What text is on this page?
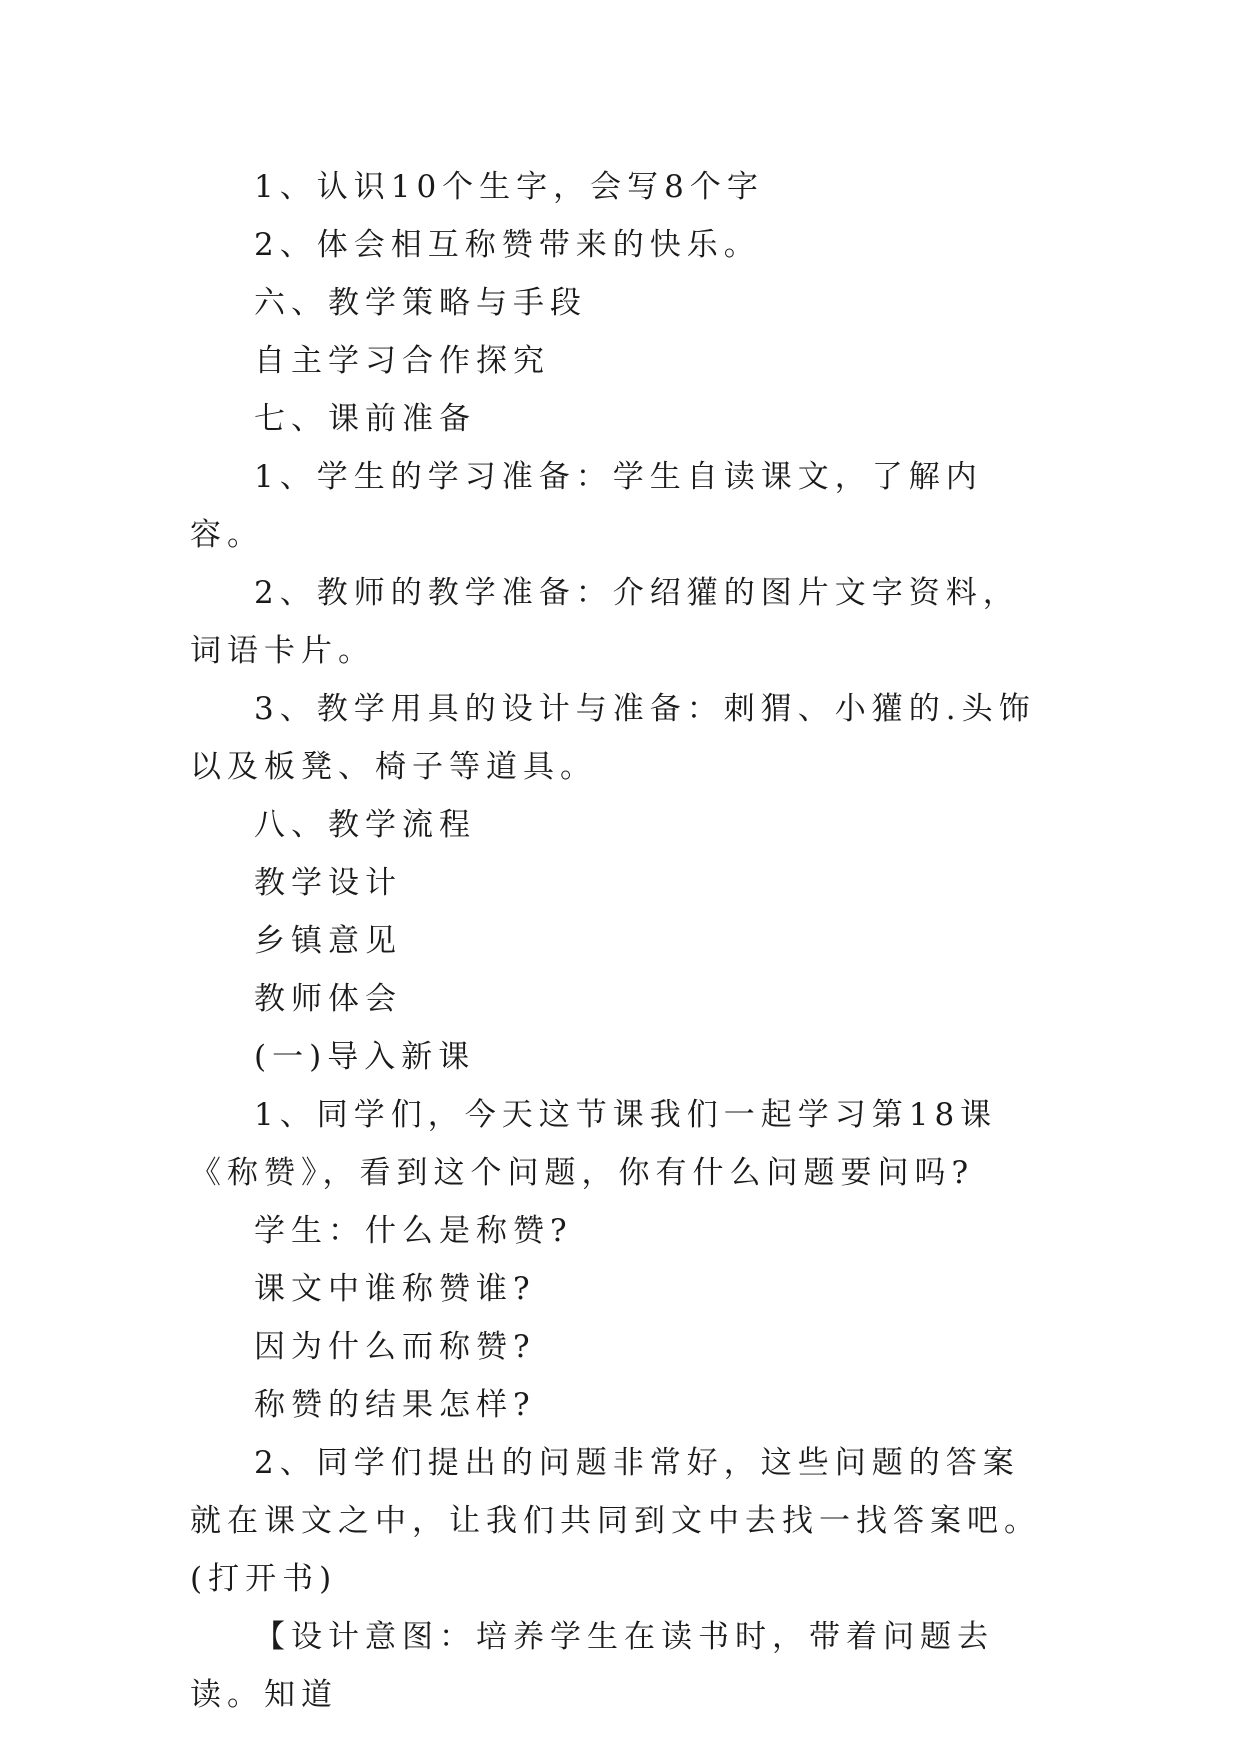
1、认识10个生字，会写8个字

2、体会相互称赞带来的快乐。

六、教学策略与手段

自主学习合作探究

七、课前准备

1、学生的学习准备：学生自读课文，了解内容。

2、教师的教学准备：介绍獾的图片文字资料，词语卡片。

3、教学用具的设计与准备：刺猬、小獾的.头饰以及板凳、椅子等道具。

八、教学流程

教学设计

乡镇意见

教师体会

(一)导入新课

1、同学们，今天这节课我们一起学习第18课《称赞》，看到这个问题，你有什么问题要问吗?

学生：什么是称赞?

课文中谁称赞谁?

因为什么而称赞?

称赞的结果怎样?

2、同学们提出的问题非常好，这些问题的答案就在课文之中，让我们共同到文中去找一找答案吧。(打开书)

【设计意图：培养学生在读书时，带着问题去读。知道
